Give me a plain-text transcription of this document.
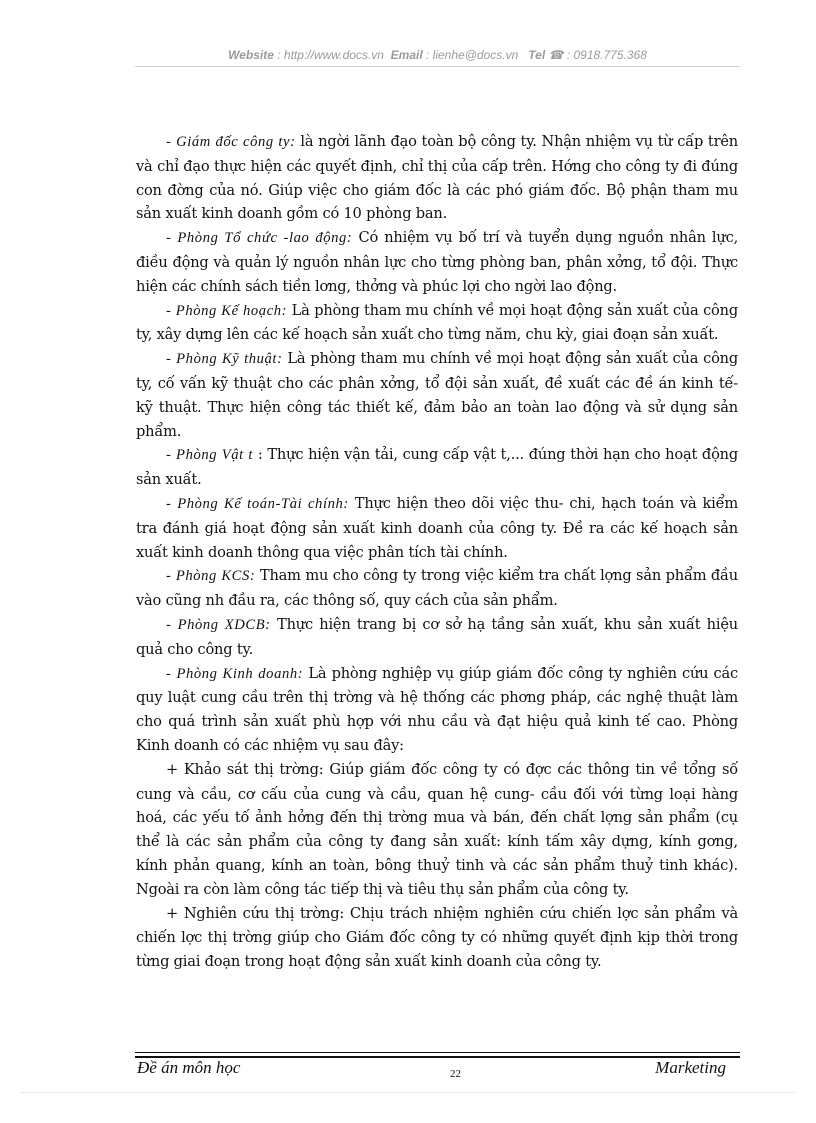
Website : http://www.docs.vn Email : lienhe@docs.vn Tel ☎ : 0918.775.368

- Giám đốc công ty: là ngời lãnh đạo toàn bộ công ty. Nhận nhiệm vụ từ cấp trên và chỉ đạo thực hiện các quyết định, chỉ thị của cấp trên. Hớng cho công ty đi đúng con đờng của nó. Giúp việc cho giám đốc là các phó giám đốc. Bộ phận tham mu sản xuất kinh doanh gồm có 10 phòng ban.

- Phòng Tổ chức -lao động: Có nhiệm vụ bố trí và tuyển dụng nguồn nhân lực, điều động và quản lý nguồn nhân lực cho từng phòng ban, phân xởng, tổ đội. Thực hiện các chính sách tiền lơng, thởng và phúc lợi cho ngời lao động.

- Phòng Kế hoạch: Là phòng tham mu chính về mọi hoạt động sản xuất của công ty, xây dựng lên các kế hoạch sản xuất cho từng năm, chu kỳ, giai đoạn sản xuất.

- Phòng Kỹ thuật: Là phòng tham mu chính về mọi hoạt động sản xuất của công ty, cố vấn kỹ thuật cho các phân xởng, tổ đội sản xuất, đề xuất các đề án kinh tế- kỹ thuật. Thực hiện công tác thiết kế, đảm bảo an toàn lao động và sử dụng sản phẩm.

- Phòng Vật t : Thực hiện vận tải, cung cấp vật t,... đúng thời hạn cho hoạt động sản xuất.

- Phòng Kế toán-Tài chính: Thực hiện theo dõi việc thu- chi, hạch toán và kiểm tra đánh giá hoạt động sản xuất kinh doanh của công ty. Đề ra các kế hoạch sản xuất kinh doanh thông qua việc phân tích tài chính.

- Phòng KCS: Tham mu cho công ty trong việc kiểm tra chất lợng sản phẩm đầu vào cũng nh đầu ra, các thông số, quy cách của sản phẩm.

- Phòng XDCB: Thực hiện trang bị cơ sở hạ tầng sản xuất, khu sản xuất hiệu quả cho công ty.

- Phòng Kinh doanh: Là phòng nghiệp vụ giúp giám đốc công ty nghiên cứu các quy luật cung cầu trên thị trờng và hệ thống các phơng pháp, các nghệ thuật làm cho quá trình sản xuất phù hợp với nhu cầu và đạt hiệu quả kinh tế cao. Phòng Kinh doanh có các nhiệm vụ sau đây:

+ Khảo sát thị trờng: Giúp giám đốc công ty có đợc các thông tin về tổng số cung và cầu, cơ cấu của cung và cầu, quan hệ cung- cầu đối với từng loại hàng hoá, các yếu tố ảnh hởng đến thị trờng mua và bán, đến chất lợng sản phẩm (cụ thể là các sản phẩm của công ty đang sản xuất: kính tấm xây dựng, kính gơng, kính phản quang, kính an toàn, bông thuỷ tinh và các sản phẩm thuỷ tinh khác). Ngoài ra còn làm công tác tiếp thị và tiêu thụ sản phẩm của công ty.

+ Nghiên cứu thị trờng: Chịu trách nhiệm nghiên cứu chiến lợc sản phẩm và chiến lợc thị trờng giúp cho Giám đốc công ty có những quyết định kịp thời trong từng giai đoạn trong hoạt động sản xuất kinh doanh của công ty.

Đề án môn học	22	Marketing
